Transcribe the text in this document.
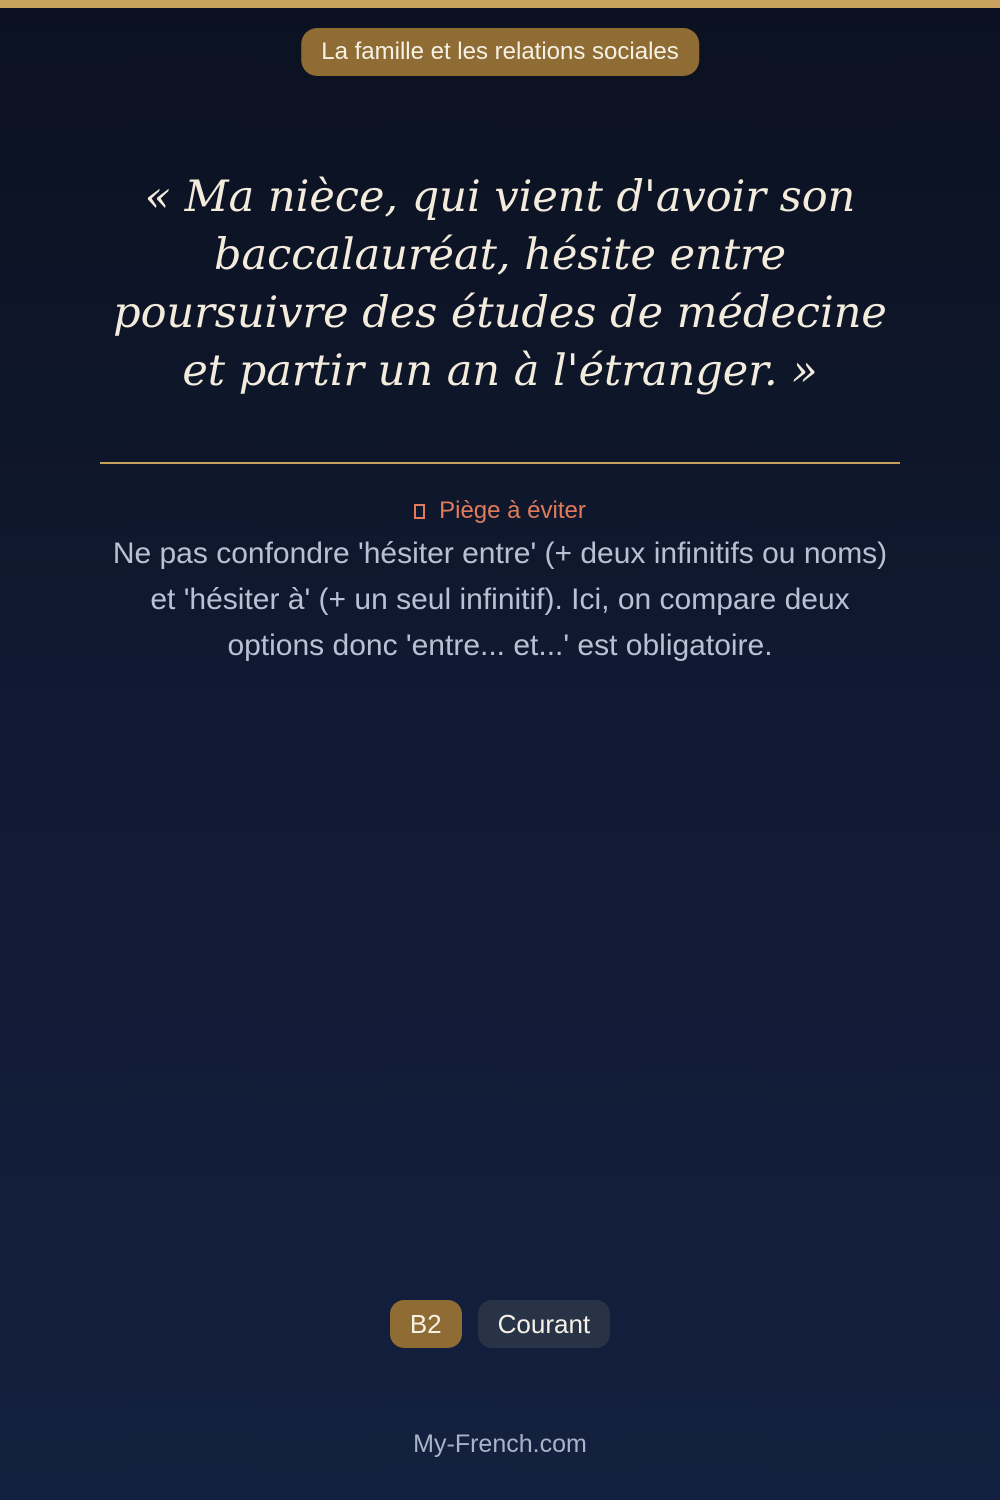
La famille et les relations sociales

« Ma nièce, qui vient d'avoir son baccalauréat, hésite entre poursuivre des études de médecine et partir un an à l'étranger. »

Piège à éviter

Ne pas confondre 'hésiter entre' (+ deux infinitifs ou noms) et 'hésiter à' (+ un seul infinitif). Ici, on compare deux options donc 'entre... et...' est obligatoire.

B2 Courant
My-French.com
